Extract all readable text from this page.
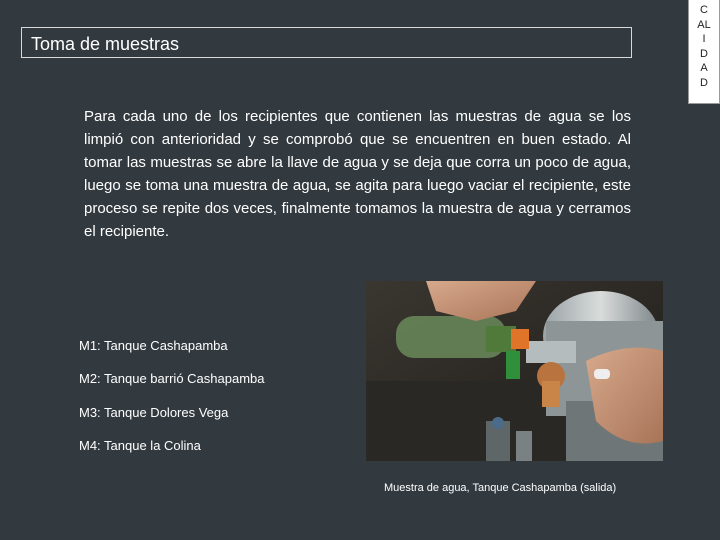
Toma de muestras
C
AL
I
D
A
D
Para cada uno de los recipientes que contienen las muestras de agua se los limpió con anterioridad y se comprobó que se encuentren en buen estado. Al tomar las muestras se abre la llave de agua y se deja que corra un poco de agua, luego se toma una muestra de agua, se agita para luego vaciar el recipiente, este proceso se repite dos veces, finalmente tomamos la muestra de agua y cerramos el recipiente.
M1: Tanque Cashapamba
M2: Tanque barrió Cashapamba
M3: Tanque Dolores Vega
M4: Tanque la Colina
Muestra de agua, Tanque Cashapamba (salida)
